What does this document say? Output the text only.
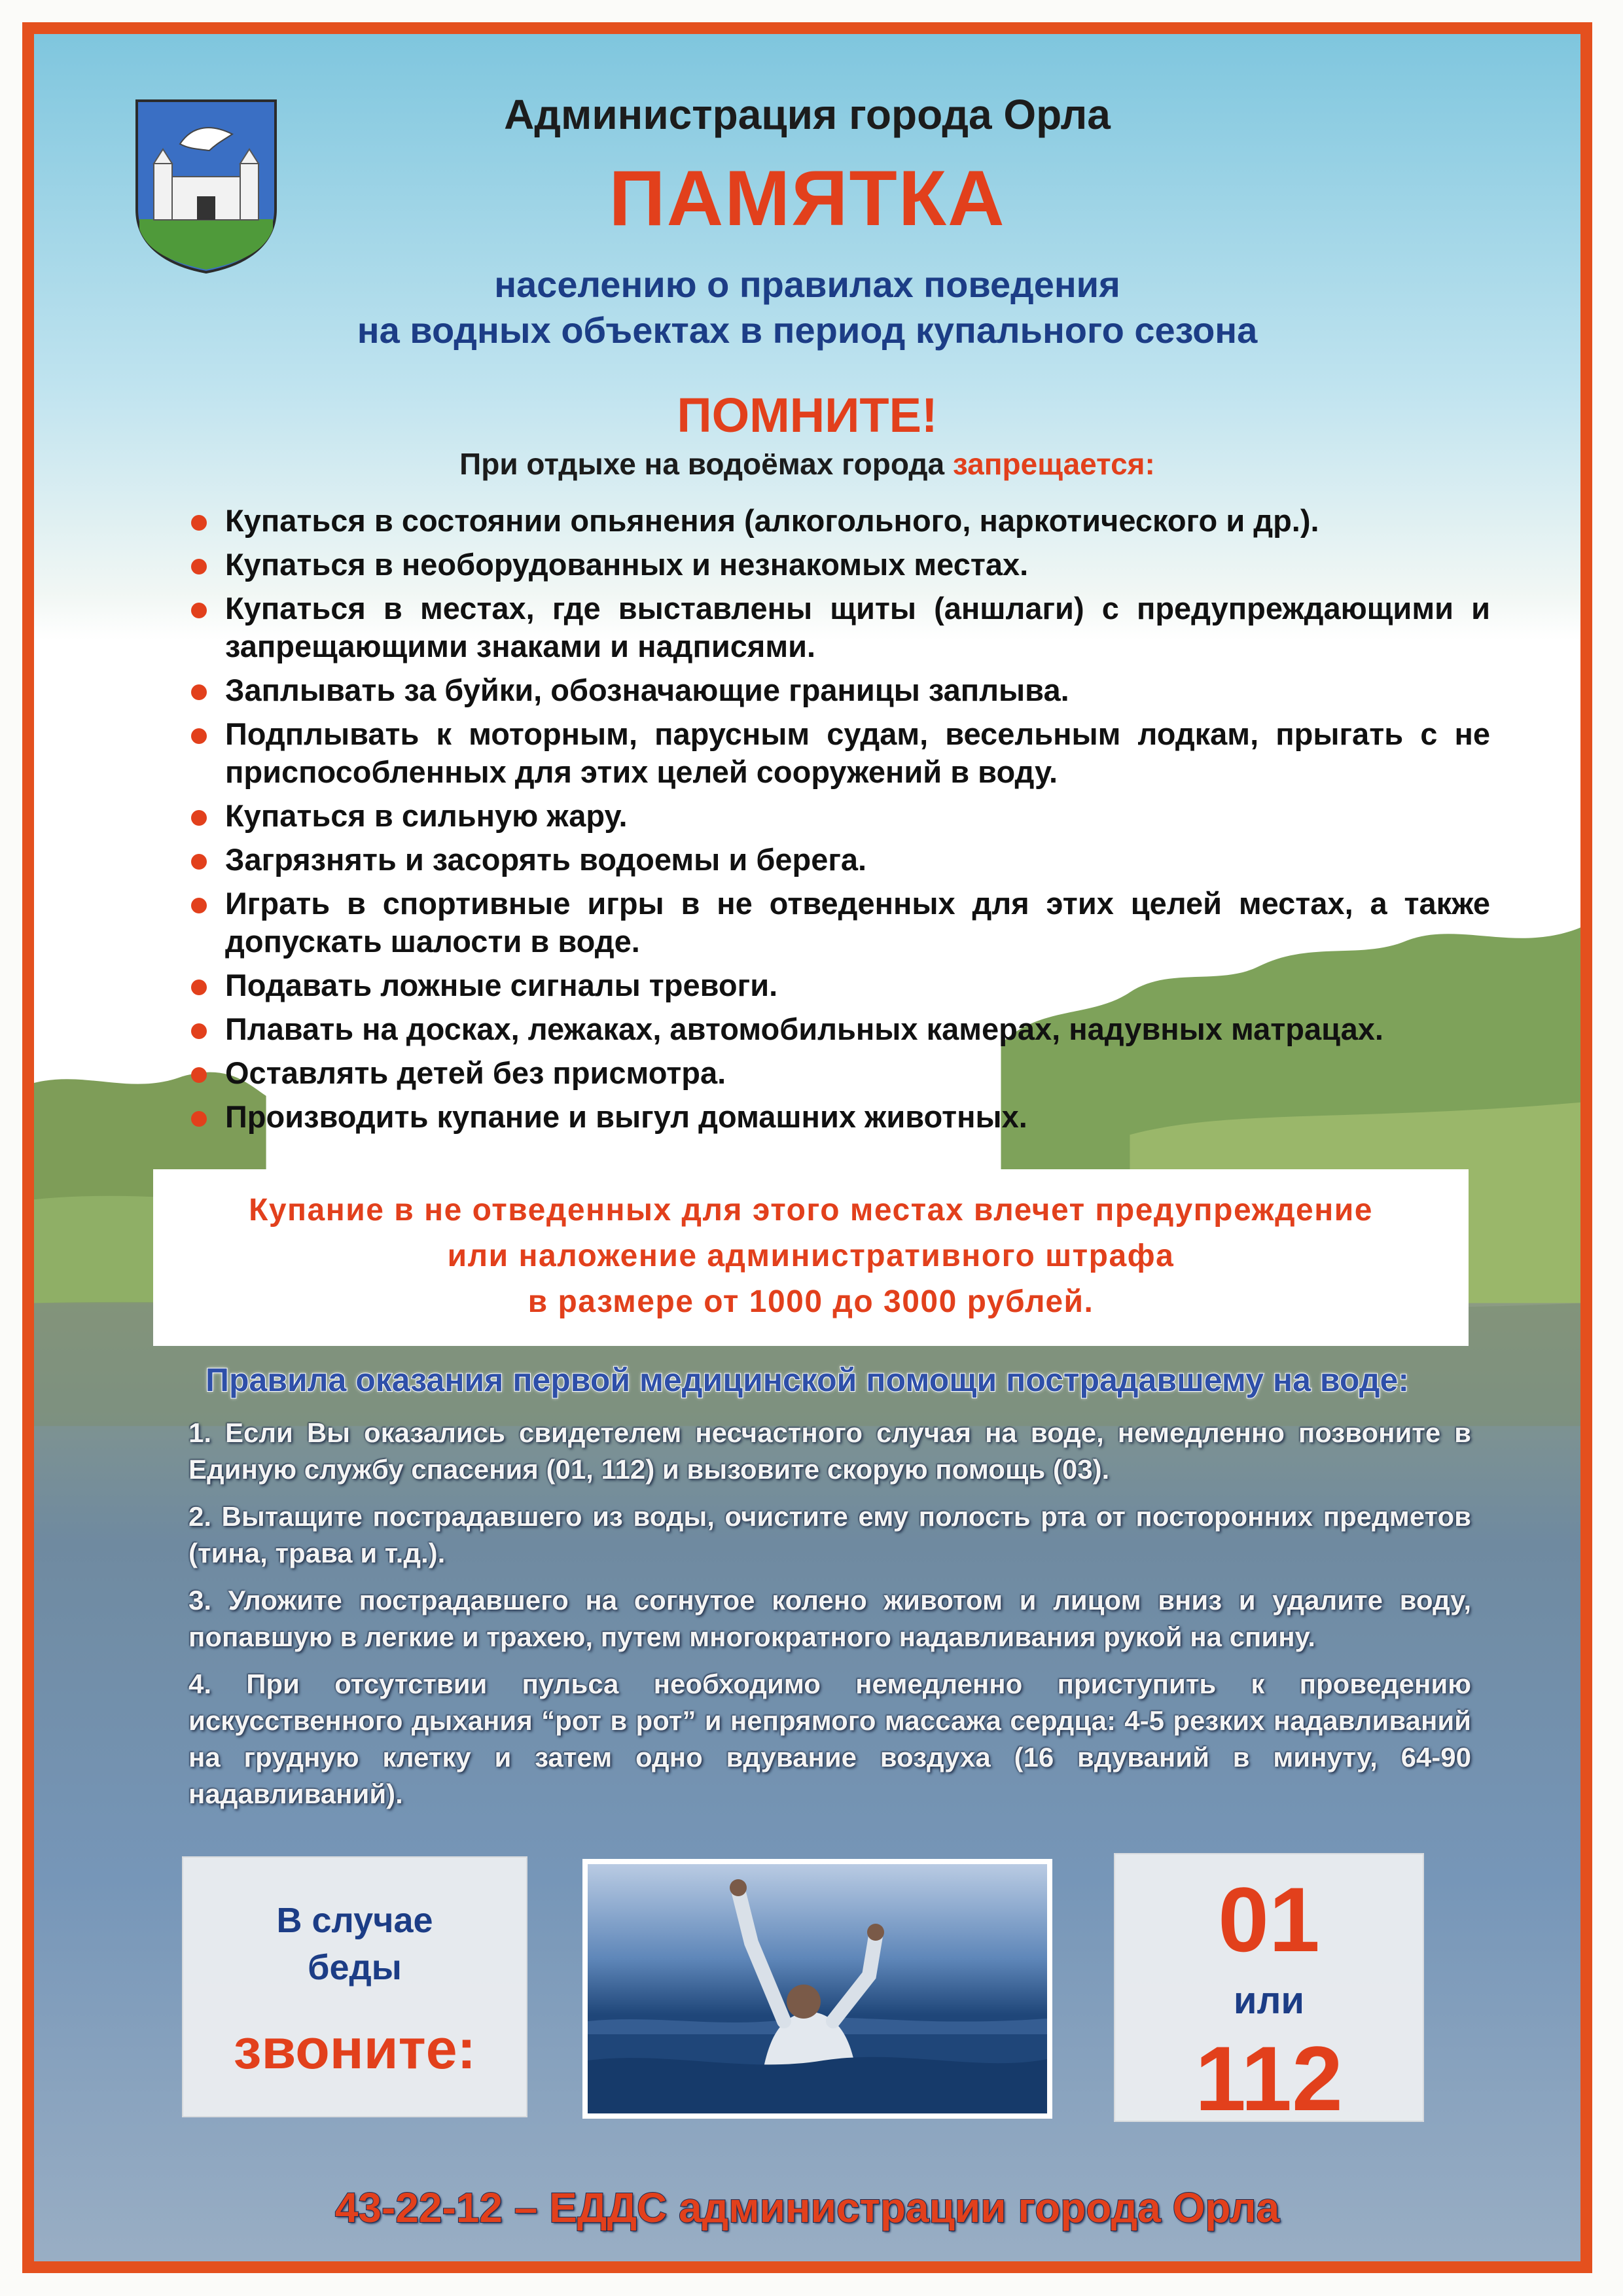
Администрация города Орла
ПАМЯТКА
населению о правилах поведения
на водных объектах в период купального сезона
ПОМНИТЕ!
При отдыхе на водоёмах города запрещается:
Купаться в состоянии опьянения (алкогольного, наркотического и др.).
Купаться в необорудованных и незнакомых местах.
Купаться в местах, где выставлены щиты (аншлаги) с предупреждающими и запрещающими знаками и надписями.
Заплывать за буйки, обозначающие границы заплыва.
Подплывать к моторным, парусным судам, весельным лодкам, прыгать с не приспособленных для этих целей сооружений в воду.
Купаться в сильную жару.
Загрязнять и засорять водоемы и берега.
Играть в спортивные игры в не отведенных для этих целей местах, а также допускать шалости в воде.
Подавать ложные сигналы тревоги.
Плавать на досках, лежаках, автомобильных камерах, надувных матрацах.
Оставлять детей без присмотра.
Производить купание и выгул домашних животных.
Купание в не отведенных для этого местах влечет предупреждение
или наложение административного штрафа
в размере от 1000 до 3000 рублей.
Правила оказания первой медицинской помощи пострадавшему на воде:
1. Если Вы оказались свидетелем несчастного случая на воде, немедленно позвоните в Единую службу спасения (01, 112) и вызовите скорую помощь (03).
2. Вытащите пострадавшего из воды, очистите ему полость рта от посторонних предметов (тина, трава и т.д.).
3. Уложите пострадавшего на согнутое колено животом и лицом вниз и удалите воду, попавшую в легкие и трахею, путем многократного надавливания рукой на спину.
4. При отсутствии пульса необходимо немедленно приступить к проведению искусственного дыхания “рот в рот” и непрямого массажа сердца: 4-5 резких надавливаний на грудную клетку и затем одно вдувание воздуха (16 вдуваний в минуту, 64-90 надавливаний).
В случае
беды
звоните:
01
или
112
43-22-12 – ЕДДС администрации города Орла
